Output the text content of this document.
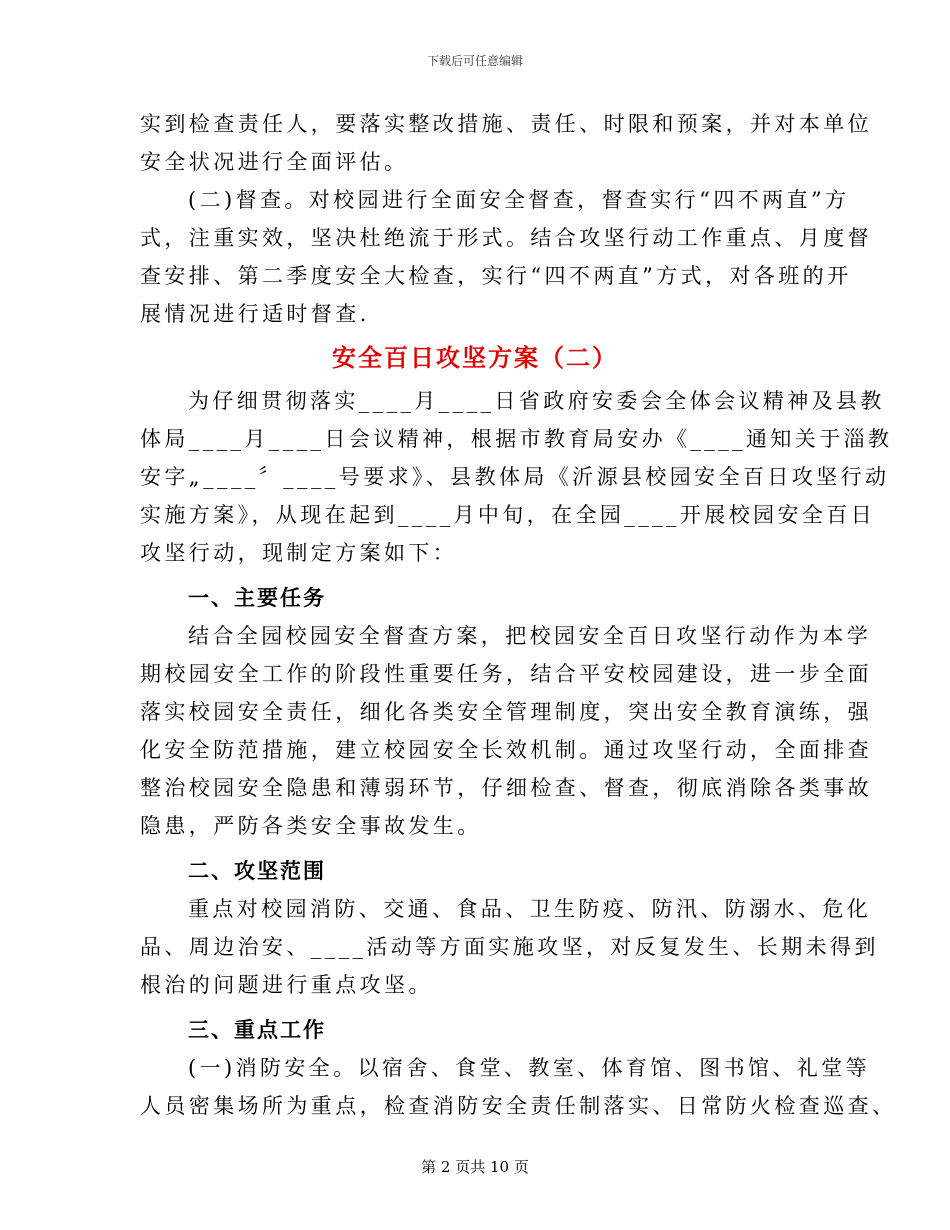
下载后可任意编辑
实到检查责任人，要落实整改措施、责任、时限和预案，并对本单位
安全状况进行全面评估。
(二)督查。对校园进行全面安全督查，督查实行“四不两直”方
式，注重实效，坚决杜绝流于形式。结合攻坚行动工作重点、月度督
查安排、第二季度安全大检查，实行“四不两直”方式，对各班的开
展情况进行适时督查.
安全百日攻坚方案（二）
为仔细贯彻落实____月____日省政府安委会全体会议精神及县教
体局____月____日会议精神，根据市教育局安办《____通知关于淄教
安字„____〞____号要求》、县教体局《沂源县校园安全百日攻坚行动
实施方案》，从现在起到____月中旬，在全园____开展校园安全百日
攻坚行动，现制定方案如下：
一、主要任务
结合全园校园安全督查方案，把校园安全百日攻坚行动作为本学
期校园安全工作的阶段性重要任务，结合平安校园建设，进一步全面
落实校园安全责任，细化各类安全管理制度，突出安全教育演练，强
化安全防范措施，建立校园安全长效机制。通过攻坚行动，全面排查
整治校园安全隐患和薄弱环节，仔细检查、督查，彻底消除各类事故
隐患，严防各类安全事故发生。
二、攻坚范围
重点对校园消防、交通、食品、卫生防疫、防汛、防溺水、危化
品、周边治安、____活动等方面实施攻坚，对反复发生、长期未得到
根治的问题进行重点攻坚。
三、重点工作
(一)消防安全。以宿舍、食堂、教室、体育馆、图书馆、礼堂等
人员密集场所为重点，检查消防安全责任制落实、日常防火检查巡查、
第 2 页共 10 页
